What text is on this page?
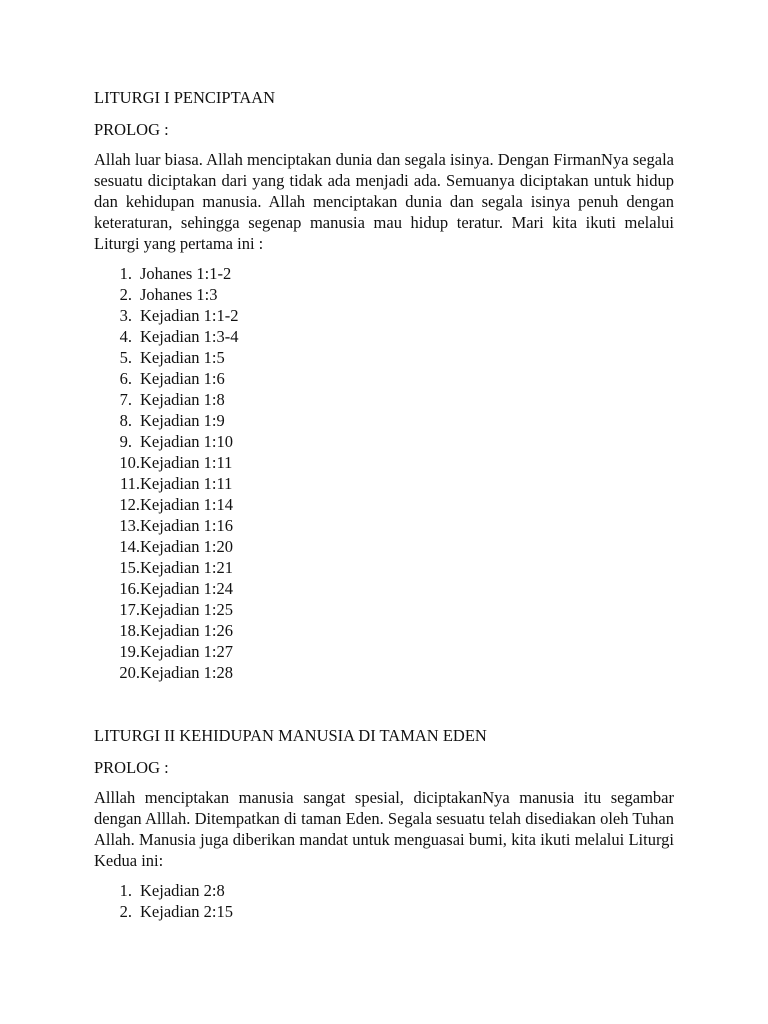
LITURGI I PENCIPTAAN
PROLOG :
Allah luar biasa. Allah menciptakan dunia dan segala isinya. Dengan FirmanNya segala sesuatu diciptakan dari yang tidak ada menjadi ada. Semuanya diciptakan untuk hidup dan kehidupan manusia. Allah menciptakan dunia dan segala isinya penuh dengan keteraturan, sehingga segenap manusia mau hidup teratur. Mari kita ikuti melalui Liturgi yang pertama ini :
1. Johanes 1:1-2
2. Johanes 1:3
3. Kejadian 1:1-2
4. Kejadian 1:3-4
5. Kejadian 1:5
6. Kejadian 1:6
7. Kejadian 1:8
8. Kejadian 1:9
9. Kejadian 1:10
10. Kejadian 1:11
11. Kejadian 1:11
12. Kejadian 1:14
13. Kejadian 1:16
14. Kejadian 1:20
15. Kejadian 1:21
16. Kejadian 1:24
17. Kejadian 1:25
18. Kejadian 1:26
19. Kejadian 1:27
20. Kejadian 1:28
LITURGI II KEHIDUPAN MANUSIA DI TAMAN EDEN
PROLOG :
Alllah menciptakan manusia sangat spesial, diciptakanNya manusia itu segambar dengan Alllah. Ditempatkan di taman Eden. Segala sesuatu telah disediakan oleh Tuhan Allah. Manusia juga diberikan mandat untuk menguasai bumi, kita ikuti melalui Liturgi Kedua ini:
1. Kejadian 2:8
2. Kejadian 2:15
